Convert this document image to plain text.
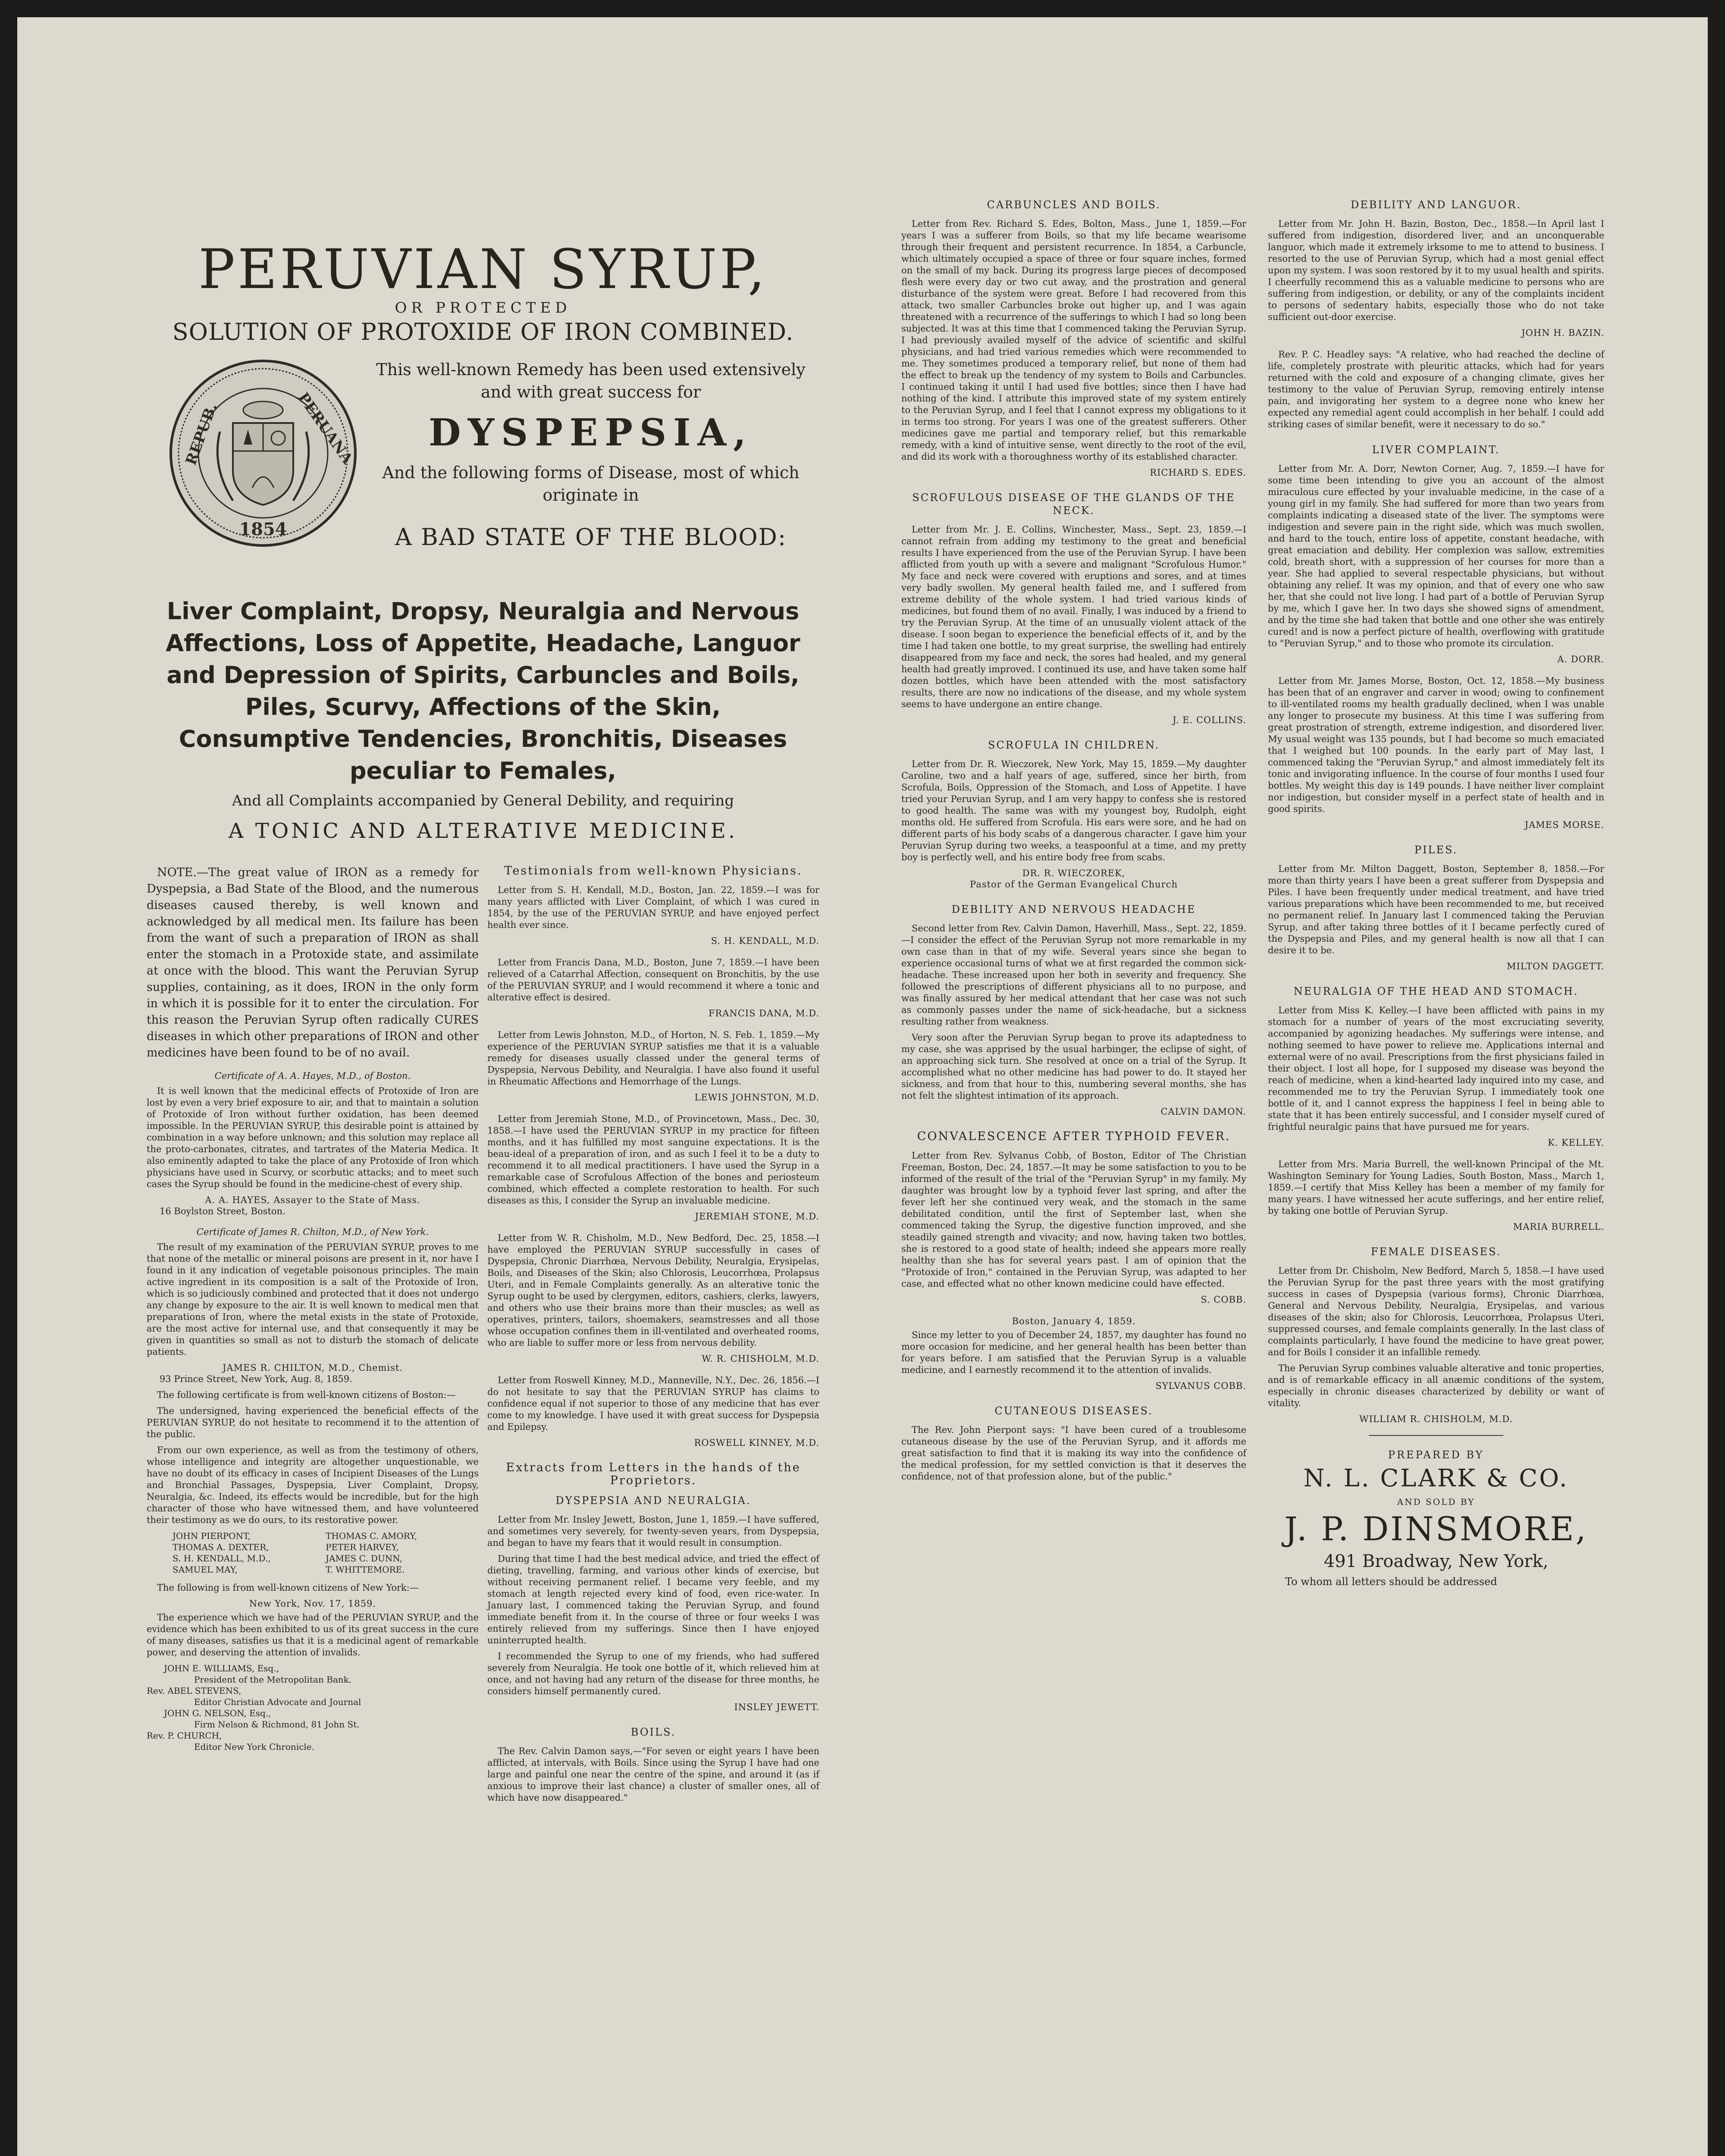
PERUVIAN SYRUP,
OR PROTECTED
SOLUTION OF PROTOXIDE OF IRON COMBINED.
REPUB.	PERUANA
1854
This well-known Remedy has been used extensively and with great success for
DYSPEPSIA,
And the following forms of Disease, most of which originate in
A BAD STATE OF THE BLOOD:
Liver Complaint, Dropsy, Neuralgia and Nervous Affections, Loss of Appetite, Headache, Languor and Depression of Spirits, Carbuncles and Boils, Piles, Scurvy, Affections of the Skin, Consumptive Tendencies, Bronchitis, Diseases peculiar to Females,
And all Complaints accompanied by General Debility, and requiring
A TONIC AND ALTERATIVE MEDICINE.

NOTE.—The great value of IRON as a remedy for Dyspepsia, a Bad State of the Blood, and the numerous diseases caused thereby, is well known and acknowledged by all medical men. Its failure has been from the want of such a preparation of IRON as shall enter the stomach in a Protoxide state, and assimilate at once with the blood. This want the Peruvian Syrup supplies, containing, as it does, IRON in the only form in which it is possible for it to enter the circulation. For this reason the Peruvian Syrup often radically CURES diseases in which other preparations of IRON and other medicines have been found to be of no avail.

Certificate of A. A. Hayes, M.D., of Boston.

It is well known that the medicinal effects of Protoxide of Iron are lost by even a very brief exposure to air, and that to maintain a solution of Protoxide of Iron without further oxidation, has been deemed impossible. In the PERUVIAN SYRUP, this desirable point is attained by combination in a way before unknown; and this solution may replace all the proto-carbonates, citrates, and tartrates of the Materia Medica. It also eminently adapted to take the place of any Protoxide of Iron which physicians have used in Scurvy, or scorbutic attacks; and to meet such cases the Syrup should be found in the medicine-chest of every ship.

A. A. HAYES, Assayer to the State of Mass.
16 Boylston Street, Boston.
Certificate of James R. Chilton, M.D., of New York.

The result of my examination of the PERUVIAN SYRUP, proves to me that none of the metallic or mineral poisons are present in it, nor have I found in it any indication of vegetable poisonous principles. The main active ingredient in its composition is a salt of the Protoxide of Iron, which is so judiciously combined and protected that it does not undergo any change by exposure to the air. It is well known to medical men that preparations of Iron, where the metal exists in the state of Protoxide, are the most active for internal use, and that consequently it may be given in quantities so small as not to disturb the stomach of delicate patients.

JAMES R. CHILTON, M.D., Chemist.
93 Prince Street, New York, Aug. 8, 1859.

The following certificate is from well-known citizens of Boston:—

The undersigned, having experienced the beneficial effects of the PERUVIAN SYRUP, do not hesitate to recommend it to the attention of the public.

From our own experience, as well as from the testimony of others, whose intelligence and integrity are altogether unquestionable, we have no doubt of its efficacy in cases of Incipient Diseases of the Lungs and Bronchial Passages, Dyspepsia, Liver Complaint, Dropsy, Neuralgia, &c. Indeed, its effects would be incredible, but for the high character of those who have witnessed them, and have volunteered their testimony as we do ours, to its restorative power.

JOHN PIERPONT,	THOMAS C. AMORY,
THOMAS A. DEXTER,	PETER HARVEY,
S. H. KENDALL, M.D.,	JAMES C. DUNN,
SAMUEL MAY,	T. WHITTEMORE.

The following is from well-known citizens of New York:—

New York, Nov. 17, 1859.

The experience which we have had of the PERUVIAN SYRUP, and the evidence which has been exhibited to us of its great success in the cure of many diseases, satisfies us that it is a medicinal agent of remarkable power, and deserving the attention of invalids.

JOHN E. WILLIAMS, Esq.,

President of the Metropolitan Bank.

Rev. ABEL STEVENS,

Editor Christian Advocate and Journal

JOHN G. NELSON, Esq.,

Firm Nelson & Richmond, 81 John St.

Rev. P. CHURCH,

Editor New York Chronicle.

Testimonials from well-known Physicians.

Letter from S. H. Kendall, M.D., Boston, Jan. 22, 1859.—I was for many years afflicted with Liver Complaint, of which I was cured in 1854, by the use of the PERUVIAN SYRUP, and have enjoyed perfect health ever since.

S. H. KENDALL, M.D.

Letter from Francis Dana, M.D., Boston, June 7, 1859.—I have been relieved of a Catarrhal Affection, consequent on Bronchitis, by the use of the PERUVIAN SYRUP, and I would recommend it where a tonic and alterative effect is desired.

FRANCIS DANA, M.D.

Letter from Lewis Johnston, M.D., of Horton, N. S. Feb. 1, 1859.—My experience of the PERUVIAN SYRUP satisfies me that it is a valuable remedy for diseases usually classed under the general terms of Dyspepsia, Nervous Debility, and Neuralgia. I have also found it useful in Rheumatic Affections and Hemorrhage of the Lungs.

LEWIS JOHNSTON, M.D.

Letter from Jeremiah Stone, M.D., of Provincetown, Mass., Dec. 30, 1858.—I have used the PERUVIAN SYRUP in my practice for fifteen months, and it has fulfilled my most sanguine expectations. It is the beau-ideal of a preparation of iron, and as such I feel it to be a duty to recommend it to all medical practitioners. I have used the Syrup in a remarkable case of Scrofulous Affection of the bones and periosteum combined, which effected a complete restoration to health. For such diseases as this, I consider the Syrup an invaluable medicine.

JEREMIAH STONE, M.D.

Letter from W. R. Chisholm, M.D., New Bedford, Dec. 25, 1858.—I have employed the PERUVIAN SYRUP successfully in cases of Dyspepsia, Chronic Diarrhœa, Nervous Debility, Neuralgia, Erysipelas, Boils, and Diseases of the Skin; also Chlorosis, Leucorrhœa, Prolapsus Uteri, and in Female Complaints generally. As an alterative tonic the Syrup ought to be used by clergymen, editors, cashiers, clerks, lawyers, and others who use their brains more than their muscles; as well as operatives, printers, tailors, shoemakers, seamstresses and all those whose occupation confines them in ill-ventilated and overheated rooms, who are liable to suffer more or less from nervous debility.

W. R. CHISHOLM, M.D.

Letter from Roswell Kinney, M.D., Manneville, N.Y., Dec. 26, 1856.—I do not hesitate to say that the PERUVIAN SYRUP has claims to confidence equal if not superior to those of any medicine that has ever come to my knowledge. I have used it with great success for Dyspepsia and Epilepsy.

ROSWELL KINNEY, M.D.
Extracts from Letters in the hands of the Proprietors.
DYSPEPSIA AND NEURALGIA.

Letter from Mr. Insley Jewett, Boston, June 1, 1859.—I have suffered, and sometimes very severely, for twenty-seven years, from Dyspepsia, and began to have my fears that it would result in consumption.

During that time I had the best medical advice, and tried the effect of dieting, travelling, farming, and various other kinds of exercise, but without receiving permanent relief. I became very feeble, and my stomach at length rejected every kind of food, even rice-water. In January last, I commenced taking the Peruvian Syrup, and found immediate benefit from it. In the course of three or four weeks I was entirely relieved from my sufferings. Since then I have enjoyed uninterrupted health.

I recommended the Syrup to one of my friends, who had suffered severely from Neuralgia. He took one bottle of it, which relieved him at once, and not having had any return of the disease for three months, he considers himself permanently cured.

INSLEY JEWETT.
BOILS.

The Rev. Calvin Damon says,—"For seven or eight years I have been afflicted, at intervals, with Boils. Since using the Syrup I have had one large and painful one near the centre of the spine, and around it (as if anxious to improve their last chance) a cluster of smaller ones, all of which have now disappeared."

CARBUNCLES AND BOILS.

Letter from Rev. Richard S. Edes, Bolton, Mass., June 1, 1859.—For years I was a sufferer from Boils, so that my life became wearisome through their frequent and persistent recurrence. In 1854, a Carbuncle, which ultimately occupied a space of three or four square inches, formed on the small of my back. During its progress large pieces of decomposed flesh were every day or two cut away, and the prostration and general disturbance of the system were great. Before I had recovered from this attack, two smaller Carbuncles broke out higher up, and I was again threatened with a recurrence of the sufferings to which I had so long been subjected. It was at this time that I commenced taking the Peruvian Syrup. I had previously availed myself of the advice of scientific and skilful physicians, and had tried various remedies which were recommended to me. They sometimes produced a temporary relief, but none of them had the effect to break up the tendency of my system to Boils and Carbuncles. I continued taking it until I had used five bottles; since then I have had nothing of the kind. I attribute this improved state of my system entirely to the Peruvian Syrup, and I feel that I cannot express my obligations to it in terms too strong. For years I was one of the greatest sufferers. Other medicines gave me partial and temporary relief, but this remarkable remedy, with a kind of intuitive sense, went directly to the root of the evil, and did its work with a thoroughness worthy of its established character.

RICHARD S. EDES.
SCROFULOUS DISEASE OF THE GLANDS OF THE NECK.

Letter from Mr. J. E. Collins, Winchester, Mass., Sept. 23, 1859.—I cannot refrain from adding my testimony to the great and beneficial results I have experienced from the use of the Peruvian Syrup. I have been afflicted from youth up with a severe and malignant "Scrofulous Humor." My face and neck were covered with eruptions and sores, and at times very badly swollen. My general health failed me, and I suffered from extreme debility of the whole system. I had tried various kinds of medicines, but found them of no avail. Finally, I was induced by a friend to try the Peruvian Syrup. At the time of an unusually violent attack of the disease. I soon began to experience the beneficial effects of it, and by the time I had taken one bottle, to my great surprise, the swelling had entirely disappeared from my face and neck, the sores had healed, and my general health had greatly improved. I continued its use, and have taken some half dozen bottles, which have been attended with the most satisfactory results, there are now no indications of the disease, and my whole system seems to have undergone an entire change.

J. E. COLLINS.
SCROFULA IN CHILDREN.

Letter from Dr. R. Wieczorek, New York, May 15, 1859.—My daughter Caroline, two and a half years of age, suffered, since her birth, from Scrofula, Boils, Oppression of the Stomach, and Loss of Appetite. I have tried your Peruvian Syrup, and I am very happy to confess she is restored to good health. The same was with my youngest boy, Rudolph, eight months old. He suffered from Scrofula. His ears were sore, and he had on different parts of his body scabs of a dangerous character. I gave him your Peruvian Syrup during two weeks, a teaspoonful at a time, and my pretty boy is perfectly well, and his entire body free from scabs.

DR. R. WIECZOREK,
Pastor of the German Evangelical Church
DEBILITY AND NERVOUS HEADACHE

Second letter from Rev. Calvin Damon, Haverhill, Mass., Sept. 22, 1859.—I consider the effect of the Peruvian Syrup not more remarkable in my own case than in that of my wife. Several years since she began to experience occasional turns of what we at first regarded the common sick-headache. These increased upon her both in severity and frequency. She followed the prescriptions of different physicians all to no purpose, and was finally assured by her medical attendant that her case was not such as commonly passes under the name of sick-headache, but a sickness resulting rather from weakness.

Very soon after the Peruvian Syrup began to prove its adaptedness to my case, she was apprised by the usual harbinger, the eclipse of sight, of an approaching sick turn. She resolved at once on a trial of the Syrup. It accomplished what no other medicine has had power to do. It stayed her sickness, and from that hour to this, numbering several months, she has not felt the slightest intimation of its approach.

CALVIN DAMON.
CONVALESCENCE AFTER TYPHOID FEVER.

Letter from Rev. Sylvanus Cobb, of Boston, Editor of The Christian Freeman, Boston, Dec. 24, 1857.—It may be some satisfaction to you to be informed of the result of the trial of the "Peruvian Syrup" in my family. My daughter was brought low by a typhoid fever last spring, and after the fever left her she continued very weak, and the stomach in the same debilitated condition, until the first of September last, when she commenced taking the Syrup, the digestive function improved, and she steadily gained strength and vivacity; and now, having taken two bottles, she is restored to a good state of health; indeed she appears more really healthy than she has for several years past. I am of opinion that the "Protoxide of Iron," contained in the Peruvian Syrup, was adapted to her case, and effected what no other known medicine could have effected.

S. COBB.
Boston, January 4, 1859.

Since my letter to you of December 24, 1857, my daughter has found no more occasion for medicine, and her general health has been better than for years before. I am satisfied that the Peruvian Syrup is a valuable medicine, and I earnestly recommend it to the attention of invalids.

SYLVANUS COBB.
CUTANEOUS DISEASES.

The Rev. John Pierpont says: "I have been cured of a troublesome cutaneous disease by the use of the Peruvian Syrup, and it affords me great satisfaction to find that it is making its way into the confidence of the medical profession, for my settled conviction is that it deserves the confidence, not of that profession alone, but of the public."

DEBILITY AND LANGUOR.

Letter from Mr. John H. Bazin, Boston, Dec., 1858.—In April last I suffered from indigestion, disordered liver, and an unconquerable languor, which made it extremely irksome to me to attend to business. I resorted to the use of Peruvian Syrup, which had a most genial effect upon my system. I was soon restored by it to my usual health and spirits. I cheerfully recommend this as a valuable medicine to persons who are suffering from indigestion, or debility, or any of the complaints incident to persons of sedentary habits, especially those who do not take sufficient out-door exercise.

JOHN H. BAZIN.

Rev. P. C. Headley says: "A relative, who had reached the decline of life, completely prostrate with pleuritic attacks, which had for years returned with the cold and exposure of a changing climate, gives her testimony to the value of Peruvian Syrup, removing entirely intense pain, and invigorating her system to a degree none who knew her expected any remedial agent could accomplish in her behalf. I could add striking cases of similar benefit, were it necessary to do so."

LIVER COMPLAINT.

Letter from Mr. A. Dorr, Newton Corner, Aug. 7, 1859.—I have for some time been intending to give you an account of the almost miraculous cure effected by your invaluable medicine, in the case of a young girl in my family. She had suffered for more than two years from complaints indicating a diseased state of the liver. The symptoms were indigestion and severe pain in the right side, which was much swollen, and hard to the touch, entire loss of appetite, constant headache, with great emaciation and debility. Her complexion was sallow, extremities cold, breath short, with a suppression of her courses for more than a year. She had applied to several respectable physicians, but without obtaining any relief. It was my opinion, and that of every one who saw her, that she could not live long. I had part of a bottle of Peruvian Syrup by me, which I gave her. In two days she showed signs of amendment, and by the time she had taken that bottle and one other she was entirely cured! and is now a perfect picture of health, overflowing with gratitude to "Peruvian Syrup," and to those who promote its circulation.

A. DORR.

Letter from Mr. James Morse, Boston, Oct. 12, 1858.—My business has been that of an engraver and carver in wood; owing to confinement to ill-ventilated rooms my health gradually declined, when I was unable any longer to prosecute my business. At this time I was suffering from great prostration of strength, extreme indigestion, and disordered liver. My usual weight was 135 pounds, but I had become so much emaciated that I weighed but 100 pounds. In the early part of May last, I commenced taking the "Peruvian Syrup," and almost immediately felt its tonic and invigorating influence. In the course of four months I used four bottles. My weight this day is 149 pounds. I have neither liver complaint nor indigestion, but consider myself in a perfect state of health and in good spirits.

JAMES MORSE.
PILES.

Letter from Mr. Milton Daggett, Boston, September 8, 1858.—For more than thirty years I have been a great sufferer from Dyspepsia and Piles. I have been frequently under medical treatment, and have tried various preparations which have been recommended to me, but received no permanent relief. In January last I commenced taking the Peruvian Syrup, and after taking three bottles of it I became perfectly cured of the Dyspepsia and Piles, and my general health is now all that I can desire it to be.

MILTON DAGGETT.
NEURALGIA OF THE HEAD AND STOMACH.

Letter from Miss K. Kelley.—I have been afflicted with pains in my stomach for a number of years of the most excruciating severity, accompanied by agonizing headaches. My sufferings were intense, and nothing seemed to have power to relieve me. Applications internal and external were of no avail. Prescriptions from the first physicians failed in their object. I lost all hope, for I supposed my disease was beyond the reach of medicine, when a kind-hearted lady inquired into my case, and recommended me to try the Peruvian Syrup. I immediately took one bottle of it, and I cannot express the happiness I feel in being able to state that it has been entirely successful, and I consider myself cured of frightful neuralgic pains that have pursued me for years.

K. KELLEY.

Letter from Mrs. Maria Burrell, the well-known Principal of the Mt. Washington Seminary for Young Ladies, South Boston, Mass., March 1, 1859.—I certify that Miss Kelley has been a member of my family for many years. I have witnessed her acute sufferings, and her entire relief, by taking one bottle of Peruvian Syrup.

MARIA BURRELL.
FEMALE DISEASES.

Letter from Dr. Chisholm, New Bedford, March 5, 1858.—I have used the Peruvian Syrup for the past three years with the most gratifying success in cases of Dyspepsia (various forms), Chronic Diarrhœa, General and Nervous Debility, Neuralgia, Erysipelas, and various diseases of the skin; also for Chlorosis, Leucorrhœa, Prolapsus Uteri, suppressed courses, and female complaints generally. In the last class of complaints particularly, I have found the medicine to have great power, and for Boils I consider it an infallible remedy.

The Peruvian Syrup combines valuable alterative and tonic properties, and is of remarkable efficacy in all anæmic conditions of the system, especially in chronic diseases characterized by debility or want of vitality.

WILLIAM R. CHISHOLM, M.D.
PREPARED BY
N. L. CLARK & CO.
AND SOLD BY
J. P. DINSMORE,
491 Broadway, New York,
To whom all letters should be addressed
